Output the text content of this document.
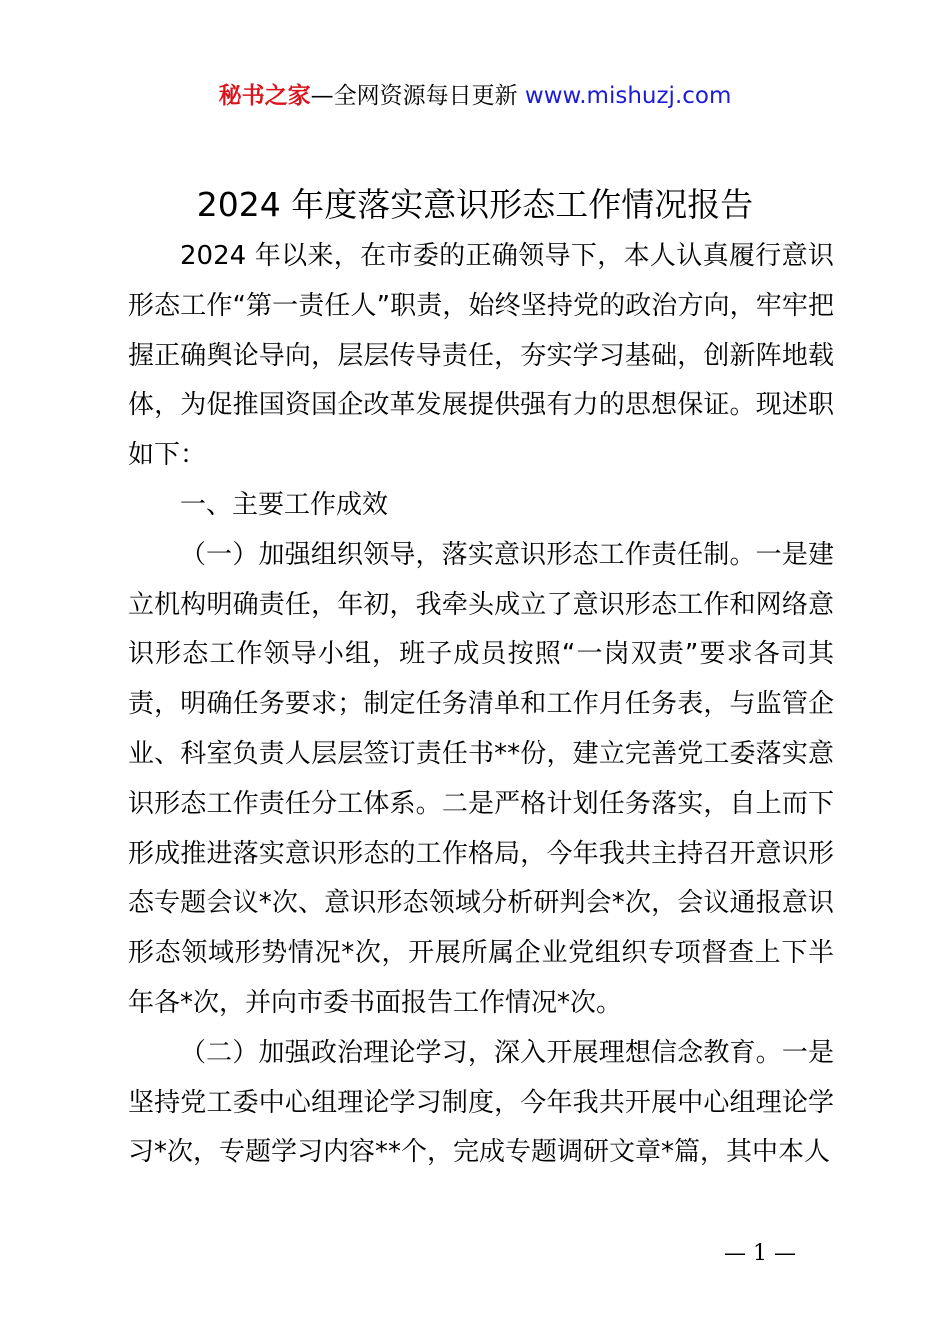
秘书之家—全网资源每日更新 www.mishuzj.com
2024 年度落实意识形态工作情况报告

2024 年以来，在市委的正确领导下，本人认真履行意识形态工作“第一责任人”职责，始终坚持党的政治方向，牢牢把握正确舆论导向，层层传导责任，夯实学习基础，创新阵地载体，为促推国资国企改革发展提供强有力的思想保证。现述职如下：

一、主要工作成效

（一）加强组织领导，落实意识形态工作责任制。一是建立机构明确责任，年初，我牵头成立了意识形态工作和网络意识形态工作领导小组，班子成员按照“一岗双责”要求各司其责，明确任务要求；制定任务清单和工作月任务表，与监管企业、科室负责人层层签订责任书**份，建立完善党工委落实意识形态工作责任分工体系。二是严格计划任务落实，自上而下形成推进落实意识形态的工作格局，今年我共主持召开意识形态专题会议*次、意识形态领域分析研判会*次，会议通报意识形态领域形势情况*次，开展所属企业党组织专项督查上下半年各*次，并向市委书面报告工作情况*次。

（二）加强政治理论学习，深入开展理想信念教育。一是坚持党工委中心组理论学习制度，今年我共开展中心组理论学习*次，专题学习内容**个，完成专题调研文章*篇，其中本人

— 1 —
